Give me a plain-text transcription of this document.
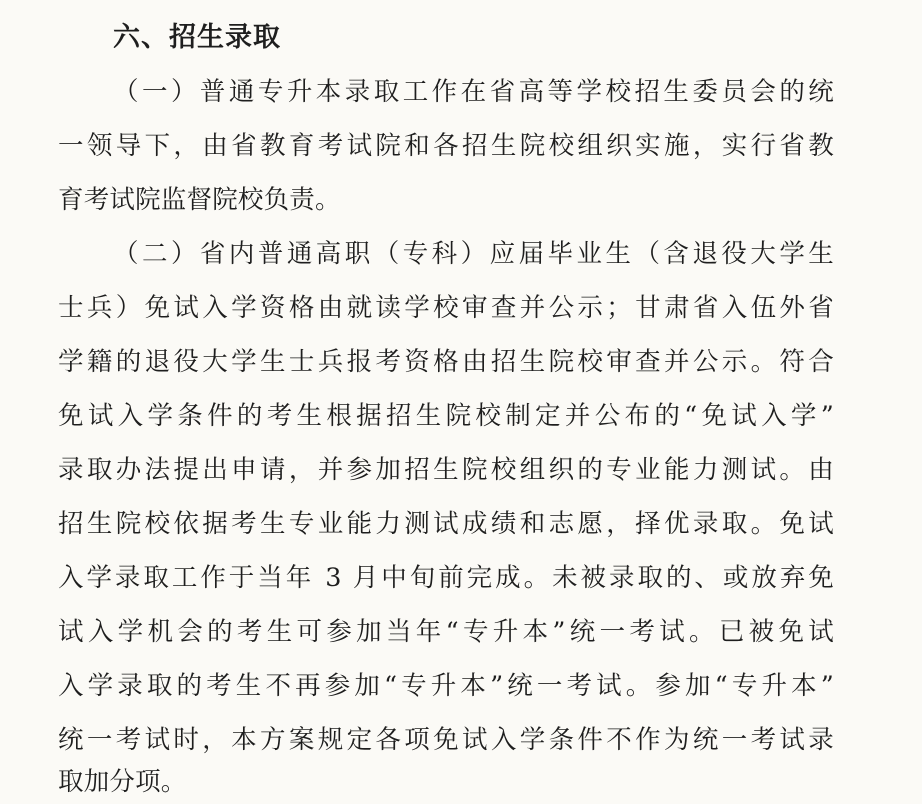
六、招生录取

（一）普通专升本录取工作在省高等学校招生委员会的统

一领导下，由省教育考试院和各招生院校组织实施，实行省教

育考试院监督院校负责。

（二）省内普通高职（专科）应届毕业生（含退役大学生

士兵）免试入学资格由就读学校审查并公示；甘肃省入伍外省

学籍的退役大学生士兵报考资格由招生院校审查并公示。符合

免试入学条件的考生根据招生院校制定并公布的“免试入学”

录取办法提出申请，并参加招生院校组织的专业能力测试。由

招生院校依据考生专业能力测试成绩和志愿，择优录取。免试

入学录取工作于当年 3 月中旬前完成。未被录取的、或放弃免

试入学机会的考生可参加当年“专升本”统一考试。已被免试

入学录取的考生不再参加“专升本”统一考试。参加“专升本”

统一考试时，本方案规定各项免试入学条件不作为统一考试录

取加分项。
